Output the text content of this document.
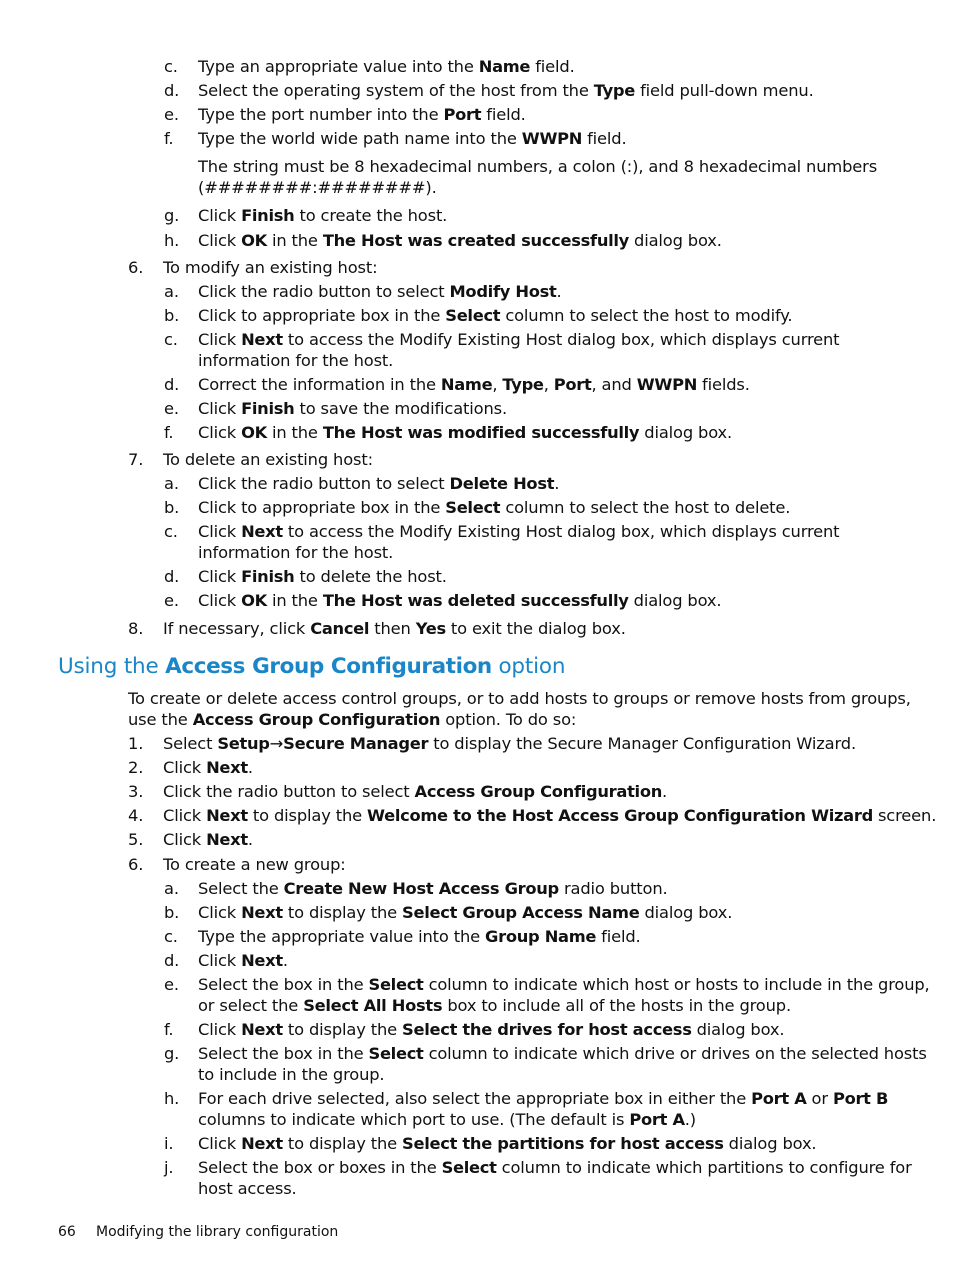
c. Type an appropriate value into the Name field.
d. Select the operating system of the host from the Type field pull-down menu.
e. Type the port number into the Port field.
f. Type the world wide path name into the WWPN field.
The string must be 8 hexadecimal numbers, a colon (:), and 8 hexadecimal numbers
(########:########).
g. Click Finish to create the host.
h. Click OK in the The Host was created successfully dialog box.
6. To modify an existing host:
a. Click the radio button to select Modify Host.
b. Click to appropriate box in the Select column to select the host to modify.
c. Click Next to access the Modify Existing Host dialog box, which displays current
information for the host.
d. Correct the information in the Name, Type, Port, and WWPN fields.
e. Click Finish to save the modifications.
f. Click OK in the The Host was modified successfully dialog box.
7. To delete an existing host:
a. Click the radio button to select Delete Host.
b. Click to appropriate box in the Select column to select the host to delete.
c. Click Next to access the Modify Existing Host dialog box, which displays current
information for the host.
d. Click Finish to delete the host.
e. Click OK in the The Host was deleted successfully dialog box.
8. If necessary, click Cancel then Yes to exit the dialog box.
Using the Access Group Configuration option
To create or delete access control groups, or to add hosts to groups or remove hosts from groups,
use the Access Group Configuration option. To do so:
1. Select Setup→Secure Manager to display the Secure Manager Configuration Wizard.
2. Click Next.
3. Click the radio button to select Access Group Configuration.
4. Click Next to display the Welcome to the Host Access Group Configuration Wizard screen.
5. Click Next.
6. To create a new group:
a. Select the Create New Host Access Group radio button.
b. Click Next to display the Select Group Access Name dialog box.
c. Type the appropriate value into the Group Name field.
d. Click Next.
e. Select the box in the Select column to indicate which host or hosts to include in the group,
or select the Select All Hosts box to include all of the hosts in the group.
f. Click Next to display the Select the drives for host access dialog box.
g. Select the box in the Select column to indicate which drive or drives on the selected hosts
to include in the group.
h. For each drive selected, also select the appropriate box in either the Port A or Port B
columns to indicate which port to use. (The default is Port A.)
i. Click Next to display the Select the partitions for host access dialog box.
j. Select the box or boxes in the Select column to indicate which partitions to configure for
host access.
66 Modifying the library configuration
